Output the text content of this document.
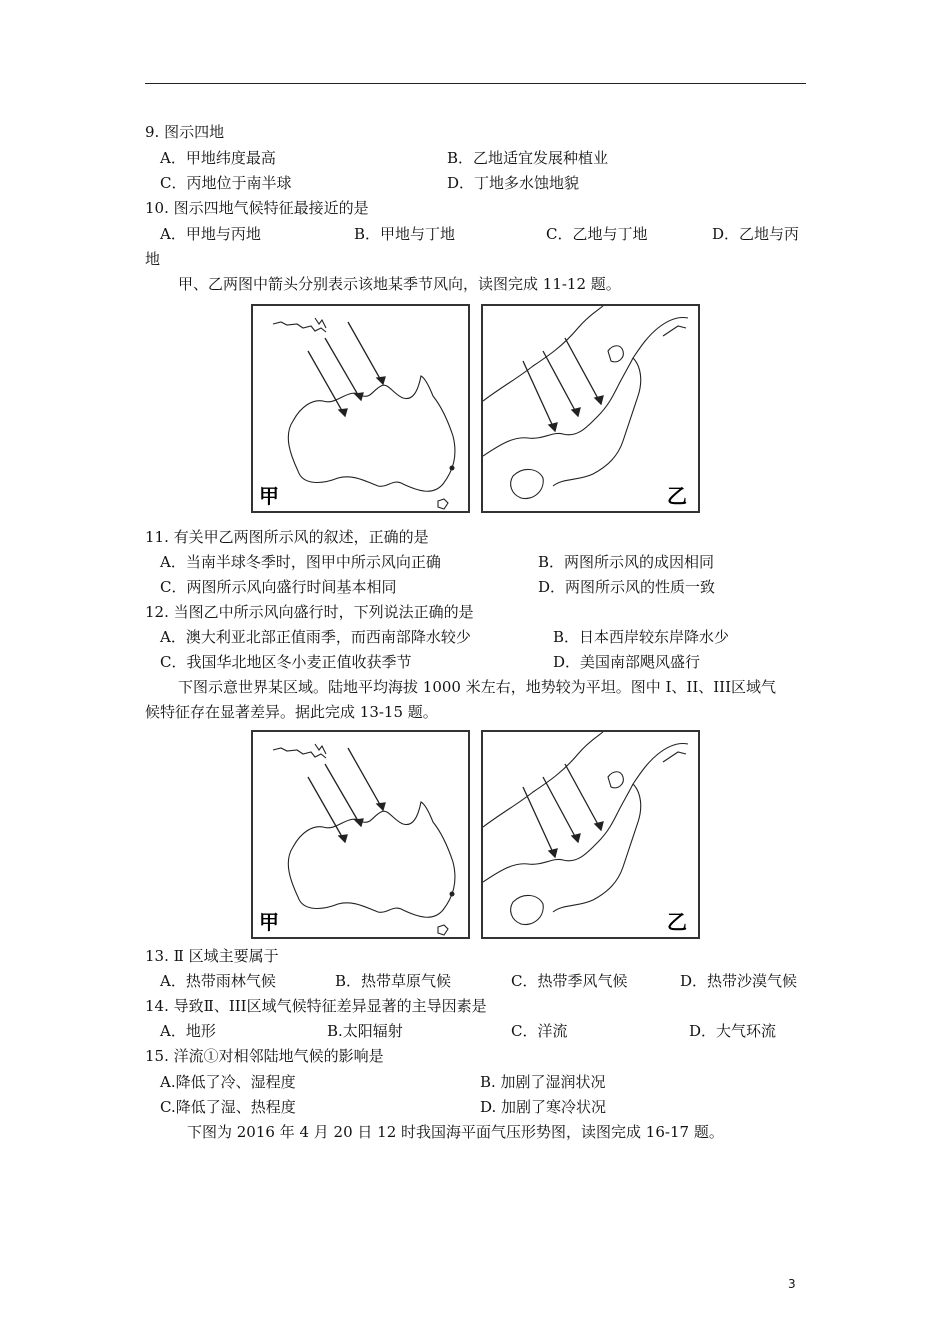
9. 图示四地
A．甲地纬度最高	B．乙地适宜发展种植业
C．丙地位于南半球	D．丁地多水蚀地貌
10. 图示四地气候特征最接近的是
A．甲地与丙地	B．甲地与丁地	C．乙地与丁地	D．乙地与丙
地
甲、乙两图中箭头分别表示该地某季节风向，读图完成 11-12 题。
甲	乙
11. 有关甲乙两图所示风的叙述，正确的是
A．当南半球冬季时，图甲中所示风向正确	B．两图所示风的成因相同
C．两图所示风向盛行时间基本相同	D．两图所示风的性质一致
12. 当图乙中所示风向盛行时，下列说法正确的是
A．澳大利亚北部正值雨季，而西南部降水较少	B．日本西岸较东岸降水少
C．我国华北地区冬小麦正值收获季节	D．美国南部飓风盛行
下图示意世界某区域。陆地平均海拔 1000 米左右，地势较为平坦。图中 I、II、III区域气
候特征存在显著差异。据此完成 13-15 题。
甲	乙
13. Ⅱ 区域主要属于
A．热带雨林气候	B．热带草原气候	C．热带季风气候	D．热带沙漠气候
14. 导致Ⅱ、III区域气候特征差异显著的主导因素是
A．地形	B.太阳辐射	C．洋流	D．大气环流
15. 洋流①对相邻陆地气候的影响是
A.降低了冷、湿程度	B. 加剧了湿润状况
C.降低了湿、热程度	D. 加剧了寒冷状况
下图为 2016 年 4 月 20 日 12 时我国海平面气压形势图，读图完成 16-17 题。
3
